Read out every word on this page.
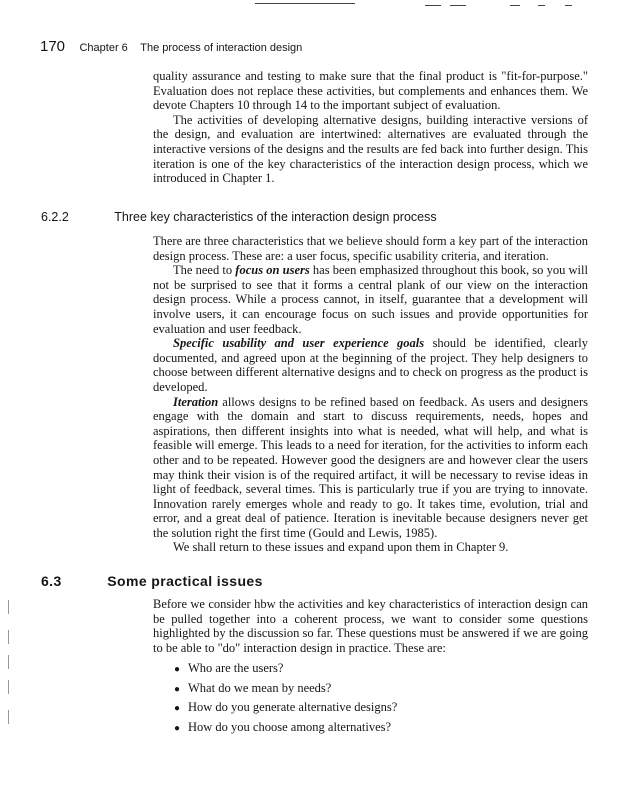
170 Chapter 6 The process of interaction design

quality assurance and testing to make sure that the final product is "fit-for-purpose." Evaluation does not replace these activities, but complements and enhances them. We devote Chapters 10 through 14 to the important subject of evaluation.

The activities of developing alternative designs, building interactive versions of the design, and evaluation are intertwined: alternatives are evaluated through the interactive versions of the designs and the results are fed back into further design. This iteration is one of the key characteristics of the interaction design process, which we introduced in Chapter 1.

6.2.2	Three key characteristics of the interaction design process

There are three characteristics that we believe should form a key part of the interaction design process. These are: a user focus, specific usability criteria, and iteration.

The need to focus on users has been emphasized throughout this book, so you will not be surprised to see that it forms a central plank of our view on the interaction design process. While a process cannot, in itself, guarantee that a development will involve users, it can encourage focus on such issues and provide opportunities for evaluation and user feedback.

Specific usability and user experience goals should be identified, clearly documented, and agreed upon at the beginning of the project. They help designers to choose between different alternative designs and to check on progress as the product is developed.

Iteration allows designs to be refined based on feedback. As users and designers engage with the domain and start to discuss requirements, needs, hopes and aspirations, then different insights into what is needed, what will help, and what is feasible will emerge. This leads to a need for iteration, for the activities to inform each other and to be repeated. However good the designers are and however clear the users may think their vision is of the required artifact, it will be necessary to revise ideas in light of feedback, several times. This is particularly true if you are trying to innovate. Innovation rarely emerges whole and ready to go. It takes time, evolution, trial and error, and a great deal of patience. Iteration is inevitable because designers never get the solution right the first time (Gould and Lewis, 1985).

We shall return to these issues and expand upon them in Chapter 9.

6.3	Some practical issues

Before we consider hbw the activities and key characteristics of interaction design can be pulled together into a coherent process, we want to consider some questions highlighted by the discussion so far. These questions must be answered if we are going to be able to "do" interaction design in practice. These are:

● Who are the users?
● What do we mean by needs?
● How do you generate alternative designs?
● How do you choose among alternatives?
